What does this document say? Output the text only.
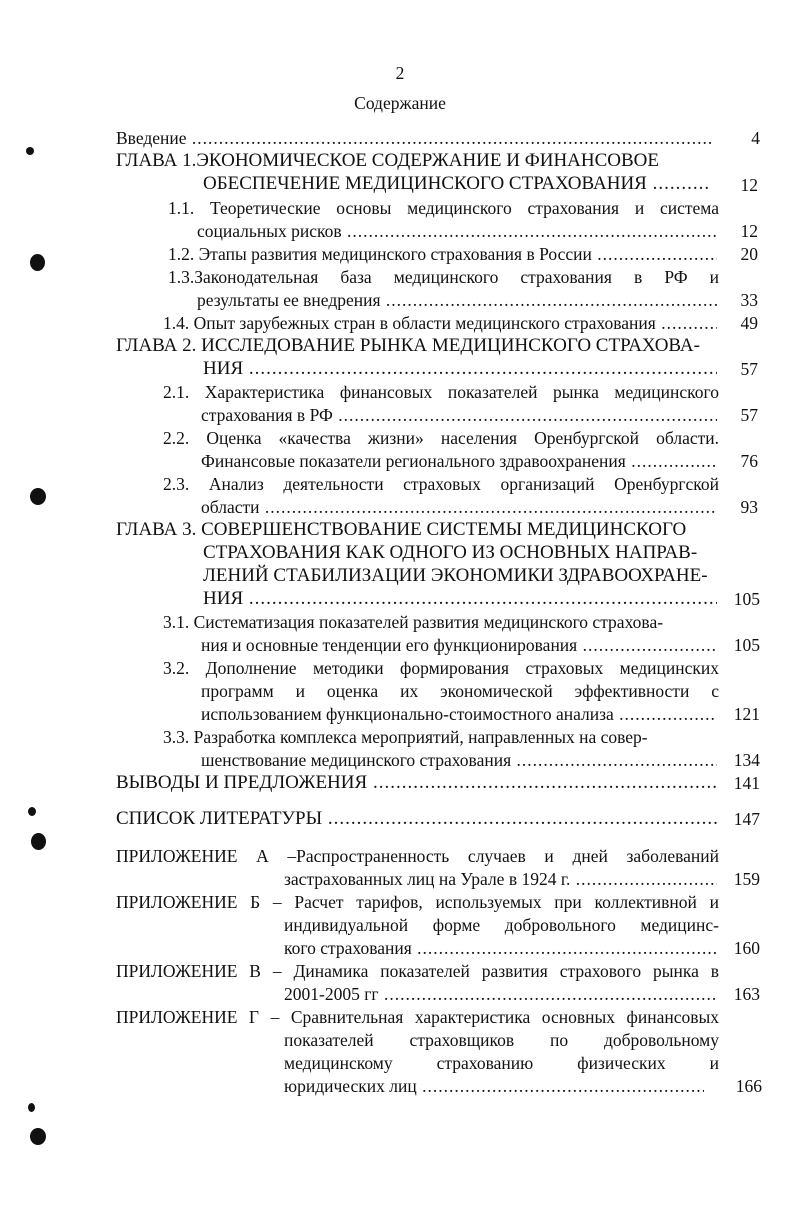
2
Содержание
Введение .....	4
ГЛАВА 1.ЭКОНОМИЧЕСКОЕ СОДЕРЖАНИЕ И ФИНАНСОВОЕ
ОБЕСПЕЧЕНИЕ МЕДИЦИНСКОГО СТРАХОВАНИЯ .....	12
1.1. Теоретические основы медицинского страхования и система
социальных рисков .....	12
1.2. Этапы развития медицинского страхования в России .....	20
1.3.Законодательная база медицинского страхования в РФ и
результаты ее внедрения .....	33
1.4. Опыт зарубежных стран в области медицинского страхования .....	49
ГЛАВА 2. ИССЛЕДОВАНИЕ РЫНКА МЕДИЦИНСКОГО СТРАХОВА-
НИЯ .....	57
2.1. Характеристика финансовых показателей рынка медицинского
страхования в РФ .....	57
2.2. Оценка «качества жизни» населения Оренбургской области.
Финансовые показатели регионального здравоохранения .....	76
2.3. Анализ деятельности страховых организаций Оренбургской
области .....	93
ГЛАВА 3. СОВЕРШЕНСТВОВАНИЕ СИСТЕМЫ МЕДИЦИНСКОГО
СТРАХОВАНИЯ КАК ОДНОГО ИЗ ОСНОВНЫХ НАПРАВ-
ЛЕНИЙ СТАБИЛИЗАЦИИ ЭКОНОМИКИ ЗДРАВООХРАНЕ-
НИЯ .....	105
3.1. Систематизация показателей развития медицинского страхова-
ния и основные тенденции его функционирования .....	105
3.2. Дополнение методики формирования страховых медицинских
программ и оценка их экономической эффективности с
использованием функционально-стоимостного анализа .....	121
3.3. Разработка комплекса мероприятий, направленных на совер-
шенствование медицинского страхования .....	134
ВЫВОДЫ И ПРЕДЛОЖЕНИЯ .....	141
СПИСОК ЛИТЕРАТУРЫ .....	147
ПРИЛОЖЕНИЕ А –Распространенность случаев и дней заболеваний
застрахованных лиц на Урале в 1924 г. .....	159
ПРИЛОЖЕНИЕ Б – Расчет тарифов, используемых при коллективной и
индивидуальной форме добровольного медицинс-
кого страхования .....	160
ПРИЛОЖЕНИЕ В – Динамика показателей развития страхового рынка в
2001-2005 гг .....	163
ПРИЛОЖЕНИЕ Г – Сравнительная характеристика основных финансовых
показателей страховщиков по добровольному
медицинскому страхованию физических и
юридических лиц .....	166
